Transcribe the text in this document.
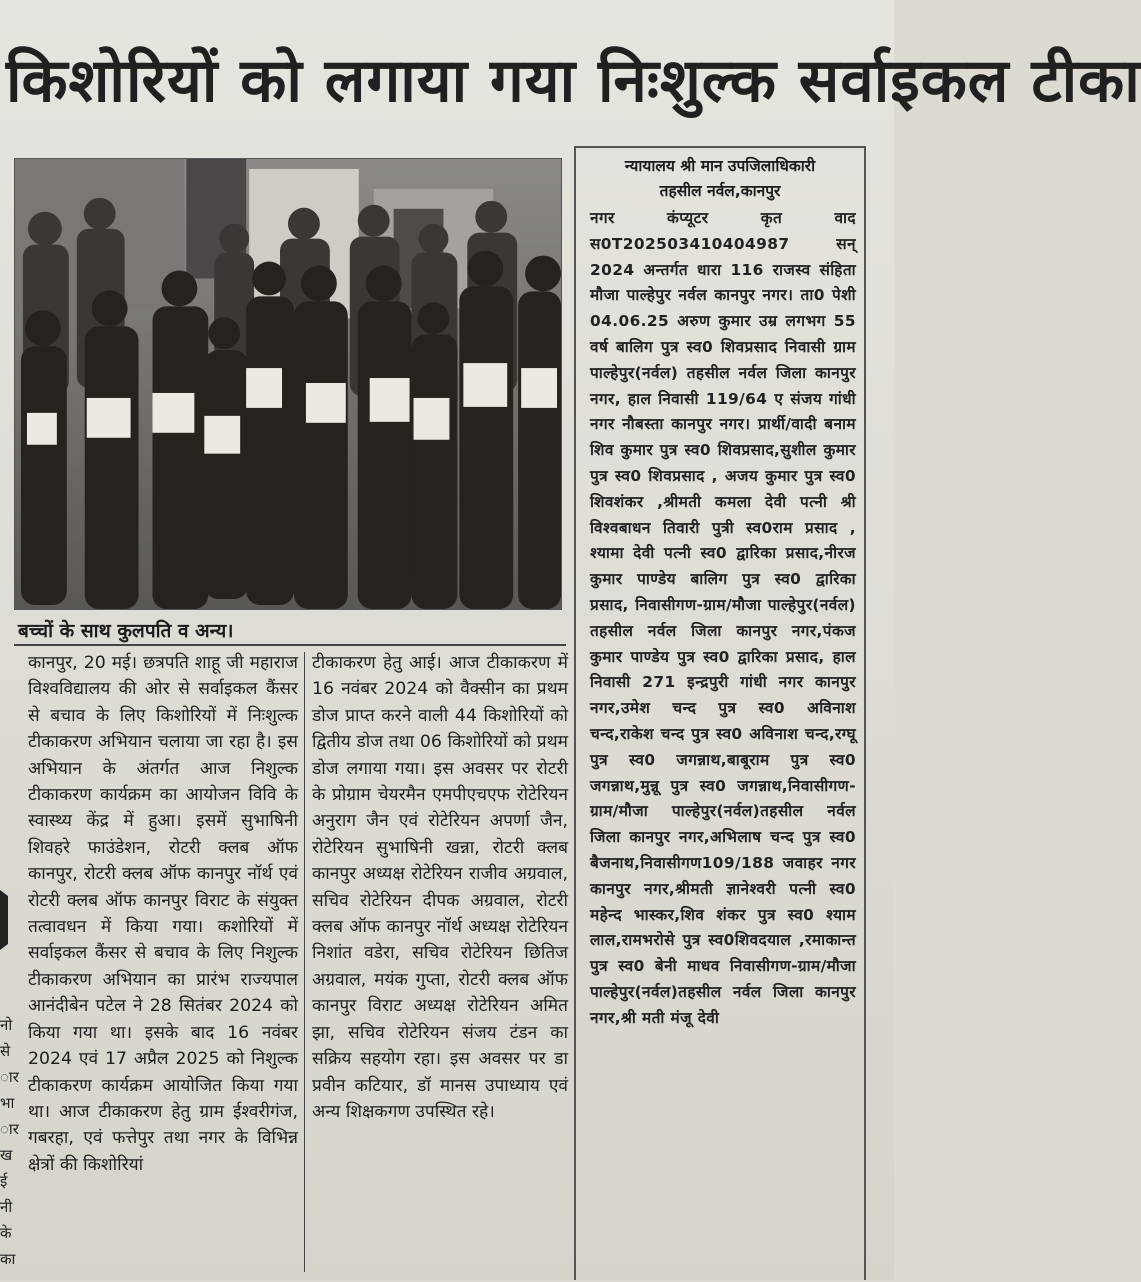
किशोरियों को लगाया गया निःशुल्क सर्वाइकल टीका
बच्चों के साथ कुलपति व अन्य।
कानपुर, 20 मई। छत्रपति शाहू जी महाराज विश्वविद्यालय की ओर से सर्वाइकल कैंसर से बचाव के लिए किशोरियों में निःशुल्क टीकाकरण अभियान चलाया जा रहा है। इस अभियान के अंतर्गत आज निशुल्क टीकाकरण कार्यक्रम का आयोजन विवि के स्वास्थ्य केंद्र में हुआ। इसमें सुभाषिनी शिवहरे फाउंडेशन, रोटरी क्लब ऑफ कानपुर, रोटरी क्लब ऑफ कानपुर नॉर्थ एवं रोटरी क्लब ऑफ कानपुर विराट के संयुक्त तत्वावधन में किया गया। कशोरियों में सर्वाइकल कैंसर से बचाव के लिए निशुल्क टीकाकरण अभियान का प्रारंभ राज्यपाल आनंदीबेन पटेल ने 28 सितंबर 2024 को किया गया था। इसके बाद 16 नवंबर 2024 एवं 17 अप्रैल 2025 को निशुल्क टीकाकरण कार्यक्रम आयोजित किया गया था। आज टीकाकरण हेतु ग्राम ईश्वरीगंज, गबरहा, एवं फत्तेपुर तथा नगर के विभिन्न क्षेत्रों की किशोरियां
टीकाकरण हेतु आई। आज टीकाकरण में 16 नवंबर 2024 को वैक्सीन का प्रथम डोज प्राप्त करने वाली 44 किशोरियों को द्वितीय डोज तथा 06 किशोरियों को प्रथम डोज लगाया गया। इस अवसर पर रोटरी के प्रोग्राम चेयरमैन एमपीएचएफ रोटेरियन अनुराग जैन एवं रोटेरियन अपर्णा जैन, रोटेरियन सुभाषिनी खन्ना, रोटरी क्लब कानपुर अध्यक्ष रोटेरियन राजीव अग्रवाल, सचिव रोटेरियन दीपक अग्रवाल, रोटरी क्लब ऑफ कानपुर नॉर्थ अध्यक्ष रोटेरियन निशांत वडेरा, सचिव रोटेरियन छितिज अग्रवाल, मयंक गुप्ता, रोटरी क्लब ऑफ कानपुर विराट अध्यक्ष रोटेरियन अमित झा, सचिव रोटेरियन संजय टंडन का सक्रिय सहयोग रहा। इस अवसर पर डा प्रवीन कटियार, डॉ मानस उपाध्याय एवं अन्य शिक्षकगण उपस्थित रहे।
न्यायालय श्री मान उपजिलाधिकारी
तहसील नर्वल,कानपुर
नगर कंप्यूटर कृत वाद स0T202503410404987 सन् 2024 अन्तर्गत धारा 116 राजस्व संहिता मौजा पाल्हेपुर नर्वल कानपुर नगर। ता0 पेशी 04.06.25 अरुण कुमार उम्र लगभग 55 वर्ष बालिग पुत्र स्व0 शिवप्रसाद निवासी ग्राम पाल्हेपुर(नर्वल) तहसील नर्वल जिला कानपुर नगर, हाल निवासी 119/64 ए संजय गांधी नगर नौबस्ता कानपुर नगर। प्रार्थी/वादी बनाम शिव कुमार पुत्र स्व0 शिवप्रसाद,सुशील कुमार पुत्र स्व0 शिवप्रसाद , अजय कुमार पुत्र स्व0 शिवशंकर ,श्रीमती कमला देवी पत्नी श्री विश्वबाधन तिवारी पुत्री स्व0राम प्रसाद , श्यामा देवी पत्नी स्व0 द्वारिका प्रसाद,नीरज कुमार पाण्डेय बालिग पुत्र स्व0 द्वारिका प्रसाद, निवासीगण-ग्राम/मौजा पाल्हेपुर(नर्वल) तहसील नर्वल जिला कानपुर नगर,पंकज कुमार पाण्डेय पुत्र स्व0 द्वारिका प्रसाद, हाल निवासी 271 इन्द्रपुरी गांधी नगर कानपुर नगर,उमेश चन्द पुत्र स्व0 अविनाश चन्द,राकेश चन्द पुत्र स्व0 अविनाश चन्द,रग्घू पुत्र स्व0 जगन्नाथ,बाबूराम पुत्र स्व0 जगन्नाथ,मुन्नू पुत्र स्व0 जगन्नाथ,निवासीगण-ग्राम/मौजा पाल्हेपुर(नर्वल)तहसील नर्वल जिला कानपुर नगर,अभिलाष चन्द पुत्र स्व0 बैजनाथ,निवासीगण109/188 जवाहर नगर कानपुर नगर,श्रीमती ज्ञानेश्वरी पत्नी स्व0 महेन्द भास्कर,शिव शंकर पुत्र स्व0 श्याम लाल,रामभरोसे पुत्र स्व0शिवदयाल ,रमाकान्त पुत्र स्व0 बेनी माधव निवासीगण-ग्राम/मौजा पाल्हेपुर(नर्वल)तहसील नर्वल जिला कानपुर नगर,श्री मती मंजू देवी
नो
से
ार
भा
ार
ख
ई
नी
के
का
